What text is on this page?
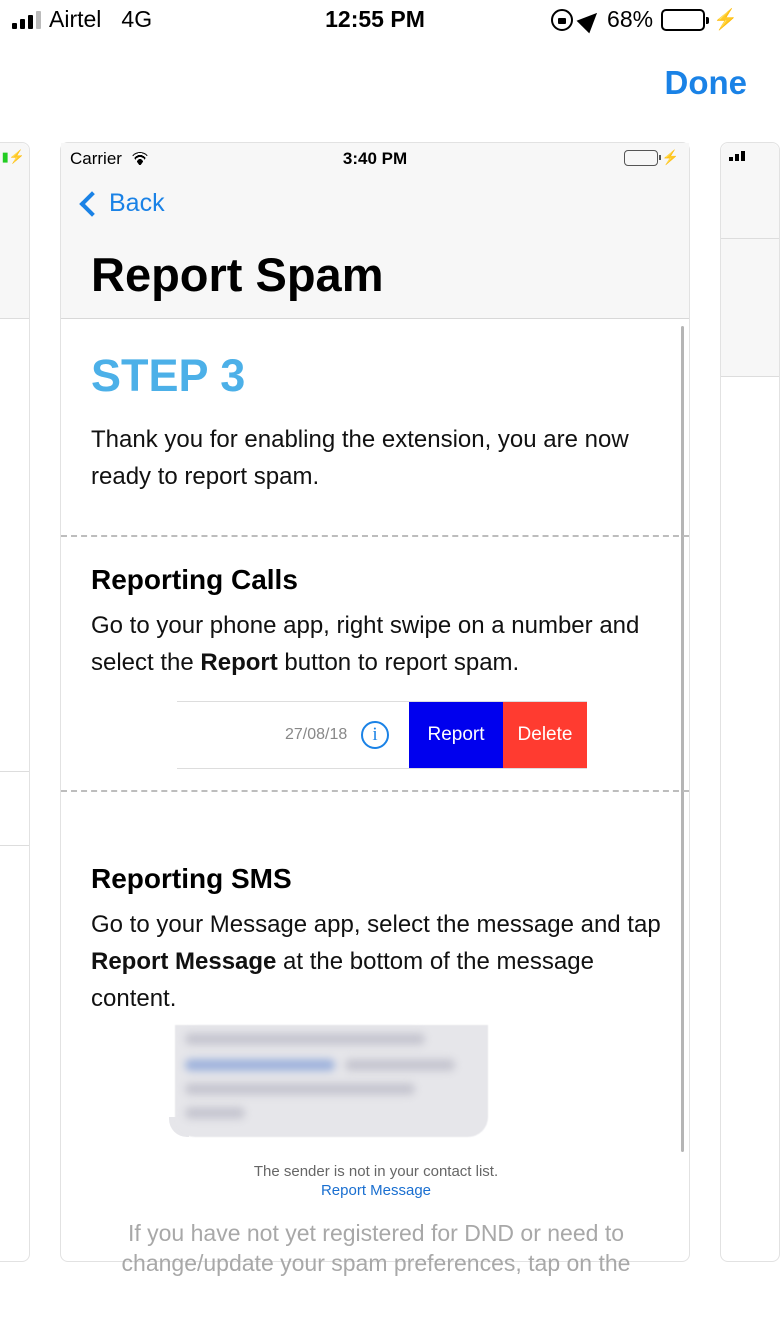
Airtel 4G	12:55 PM	68%	⚡
Done
▮⚡	Carrier	3:40 PM	⚡
Back
Report Spam
STEP 3
Thank you for enabling the extension, you are now ready to report spam.
Reporting Calls
Go to your phone app, right swipe on a number and select the Report button to report spam.
27/08/18	i	Report	Delete
Reporting SMS
Go to your Message app, select the message and tap Report Message at the bottom of the message content.
The sender is not in your contact list.
Report Message
If you have not yet registered for DND or need to change/update your spam preferences, tap on the
